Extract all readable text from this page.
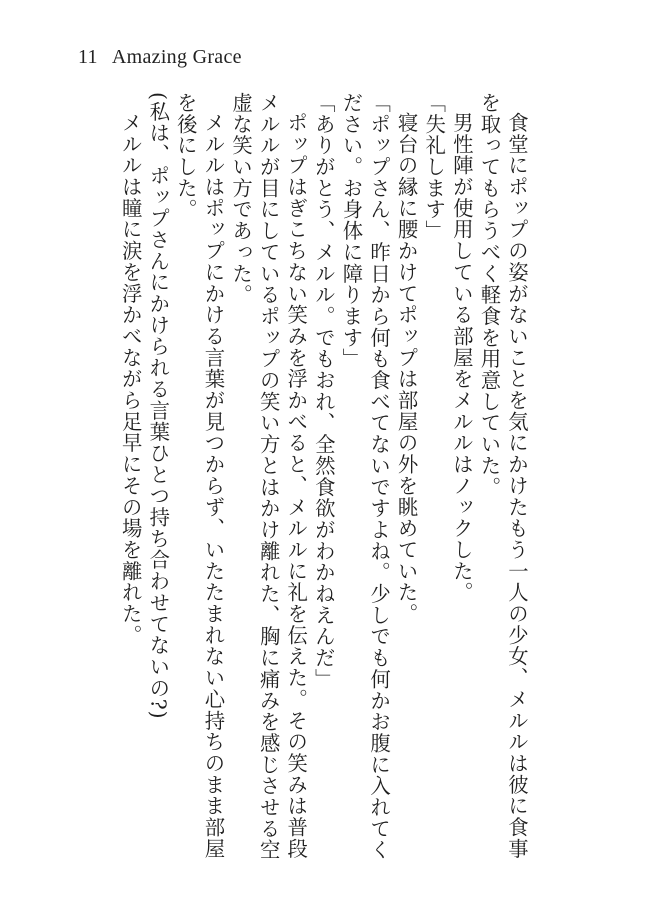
11 Amazing Grace

食堂にポップの姿がないことを気にかけたもう一人の少女、メルルは彼に食事を取ってもらうべく軽食を用意していた。

男性陣が使用している部屋をメルルはノックした。

「失礼します」

寝台の縁に腰かけてポップは部屋の外を眺めていた。

「ポップさん、昨日から何も食べてないですよね。少しでも何かお腹に入れてください。お身体に障ります」

「ありがとう、メルル。でもおれ、全然食欲がわかねえんだ」

ポップはぎこちない笑みを浮かべると、メルルに礼を伝えた。その笑みは普段メルルが目にしているポップの笑い方とはかけ離れた、胸に痛みを感じさせる空虚な笑い方であった。

メルルはポップにかける言葉が見つからず、いたたまれない心持ちのまま部屋を後にした。

(私は、ポップさんにかけられる言葉ひとつ持ち合わせてないの?)

メルルは瞳に涙を浮かべながら足早にその場を離れた。
